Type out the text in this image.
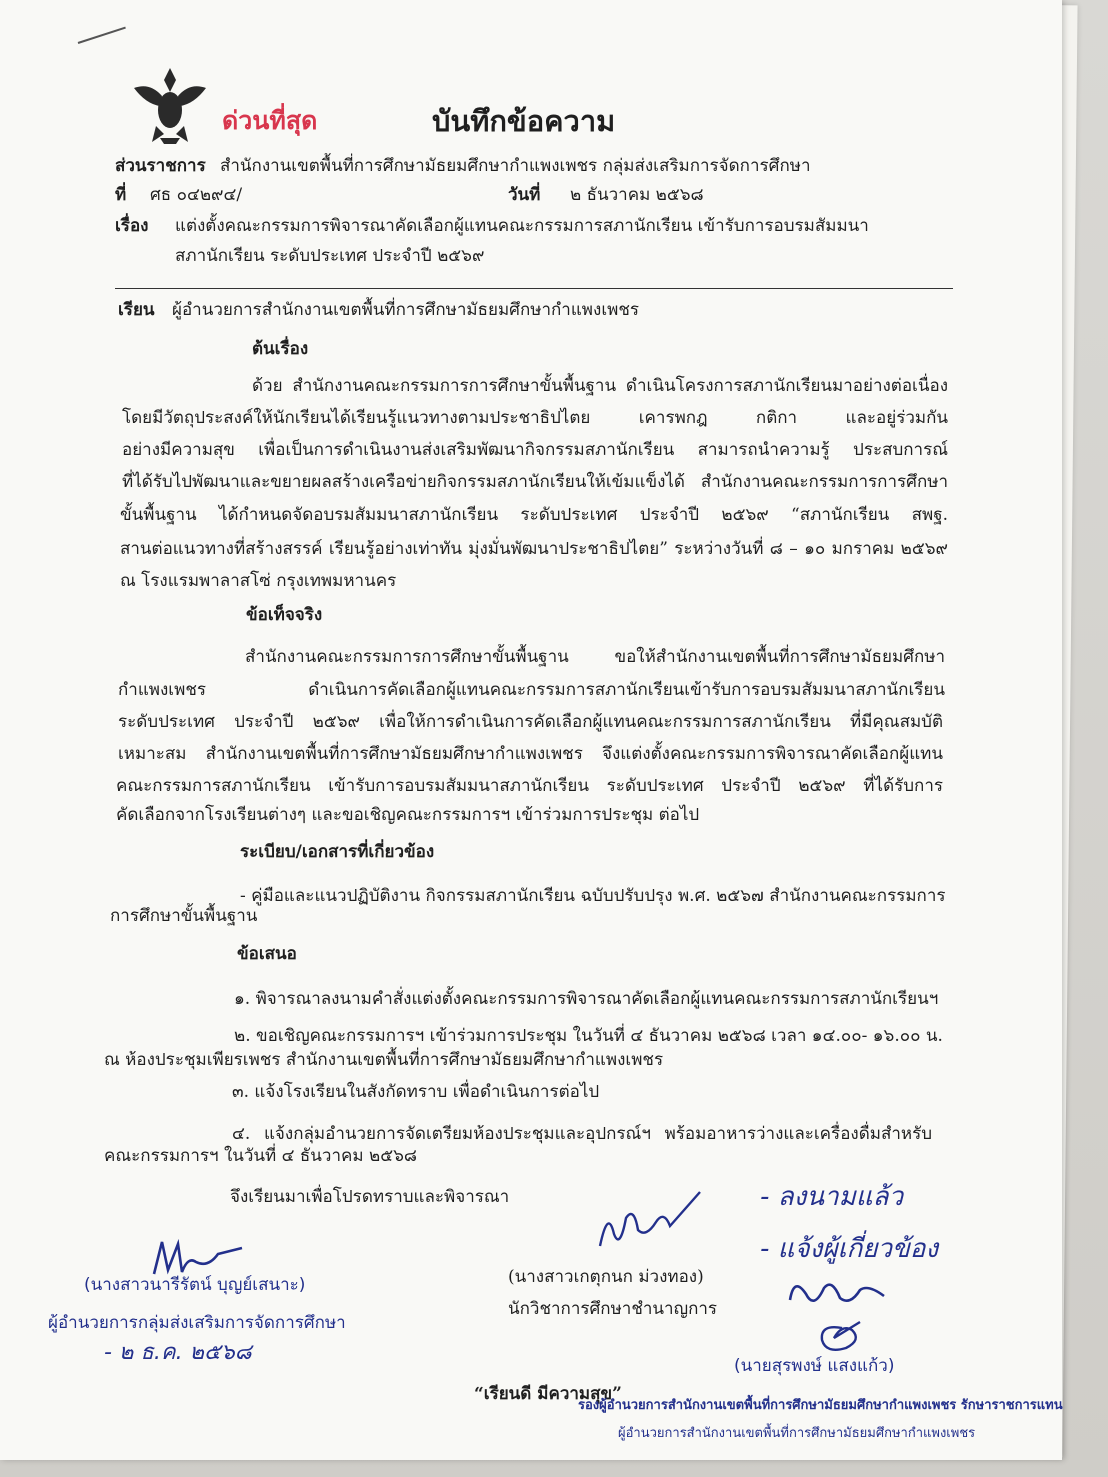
ด่วนที่สุด	บันทึกข้อความ
ส่วนราชการ สำนักงานเขตพื้นที่การศึกษามัธยมศึกษากำแพงเพชร กลุ่มส่งเสริมการจัดการศึกษา
ที่ ศธ ๐๔๒๙๔/	วันที่ ๒ ธันวาคม ๒๕๖๘
เรื่อง แต่งตั้งคณะกรรมการพิจารณาคัดเลือกผู้แทนคณะกรรมการสภานักเรียน เข้ารับการอบรมสัมมนา
สภานักเรียน ระดับประเทศ ประจำปี ๒๕๖๙
เรียน ผู้อำนวยการสำนักงานเขตพื้นที่การศึกษามัธยมศึกษากำแพงเพชร
ต้นเรื่อง
ด้วย สำนักงานคณะกรรมการการศึกษาขั้นพื้นฐาน ดำเนินโครงการสภานักเรียนมาอย่างต่อเนื่อง
โดยมีวัตถุประสงค์ให้นักเรียนได้เรียนรู้แนวทางตามประชาธิปไตย เคารพกฎ กติกา และอยู่ร่วมกัน
อย่างมีความสุข เพื่อเป็นการดำเนินงานส่งเสริมพัฒนากิจกรรมสภานักเรียน สามารถนำความรู้ ประสบการณ์
ที่ได้รับไปพัฒนาและขยายผลสร้างเครือข่ายกิจกรรมสภานักเรียนให้เข้มแข็งได้ สำนักงานคณะกรรมการการศึกษา
ขั้นพื้นฐาน ได้กำหนดจัดอบรมสัมมนาสภานักเรียน ระดับประเทศ ประจำปี ๒๕๖๙ “สภานักเรียน สพฐ.
สานต่อแนวทางที่สร้างสรรค์ เรียนรู้อย่างเท่าทัน มุ่งมั่นพัฒนาประชาธิปไตย” ระหว่างวันที่ ๘ – ๑๐ มกราคม ๒๕๖๙
ณ โรงแรมพาลาสโซ่ กรุงเทพมหานคร
ข้อเท็จจริง
สำนักงานคณะกรรมการการศึกษาขั้นพื้นฐาน ขอให้สำนักงานเขตพื้นที่การศึกษามัธยมศึกษา
กำแพงเพชร ดำเนินการคัดเลือกผู้แทนคณะกรรมการสภานักเรียนเข้ารับการอบรมสัมมนาสภานักเรียน
ระดับประเทศ ประจำปี ๒๕๖๙ เพื่อให้การดำเนินการคัดเลือกผู้แทนคณะกรรมการสภานักเรียน ที่มีคุณสมบัติ
เหมาะสม สำนักงานเขตพื้นที่การศึกษามัธยมศึกษากำแพงเพชร จึงแต่งตั้งคณะกรรมการพิจารณาคัดเลือกผู้แทน
คณะกรรมการสภานักเรียน เข้ารับการอบรมสัมมนาสภานักเรียน ระดับประเทศ ประจำปี ๒๕๖๙ ที่ได้รับการ
คัดเลือกจากโรงเรียนต่างๆ และขอเชิญคณะกรรมการฯ เข้าร่วมการประชุม ต่อไป
ระเบียบ/เอกสารที่เกี่ยวข้อง
- คู่มือและแนวปฏิบัติงาน กิจกรรมสภานักเรียน ฉบับปรับปรุง พ.ศ. ๒๕๖๗ สำนักงานคณะกรรมการ
การศึกษาขั้นพื้นฐาน
ข้อเสนอ
๑. พิจารณาลงนามคำสั่งแต่งตั้งคณะกรรมการพิจารณาคัดเลือกผู้แทนคณะกรรมการสภานักเรียนฯ
๒. ขอเชิญคณะกรรมการฯ เข้าร่วมการประชุม ในวันที่ ๔ ธันวาคม ๒๕๖๘ เวลา ๑๔.๐๐- ๑๖.๐๐ น.
ณ ห้องประชุมเพียรเพชร สำนักงานเขตพื้นที่การศึกษามัธยมศึกษากำแพงเพชร
๓. แจ้งโรงเรียนในสังกัดทราบ เพื่อดำเนินการต่อไป
๔. แจ้งกลุ่มอำนวยการจัดเตรียมห้องประชุมและอุปกรณ์ฯ พร้อมอาหารว่างและเครื่องดื่มสำหรับ
คณะกรรมการฯ ในวันที่ ๔ ธันวาคม ๒๕๖๘
จึงเรียนมาเพื่อโปรดทราบและพิจารณา	- ลงนามแล้ว
- แจ้งผู้เกี่ยวข้อง
(นางสาวเกตุกนก ม่วงทอง)
นักวิชาการศึกษาชำนาญการ
(นางสาวนารีรัตน์ บุญย์เสนาะ)
ผู้อำนวยการกลุ่มส่งเสริมการจัดการศึกษา
- ๒ ธ.ค. ๒๕๖๘
(นายสุรพงษ์ แสงแก้ว)
“เรียนดี มีความสุข”
รองผู้อำนวยการสำนักงานเขตพื้นที่การศึกษามัธยมศึกษากำแพงเพชร รักษาราชการแทน
ผู้อำนวยการสำนักงานเขตพื้นที่การศึกษามัธยมศึกษากำแพงเพชร
